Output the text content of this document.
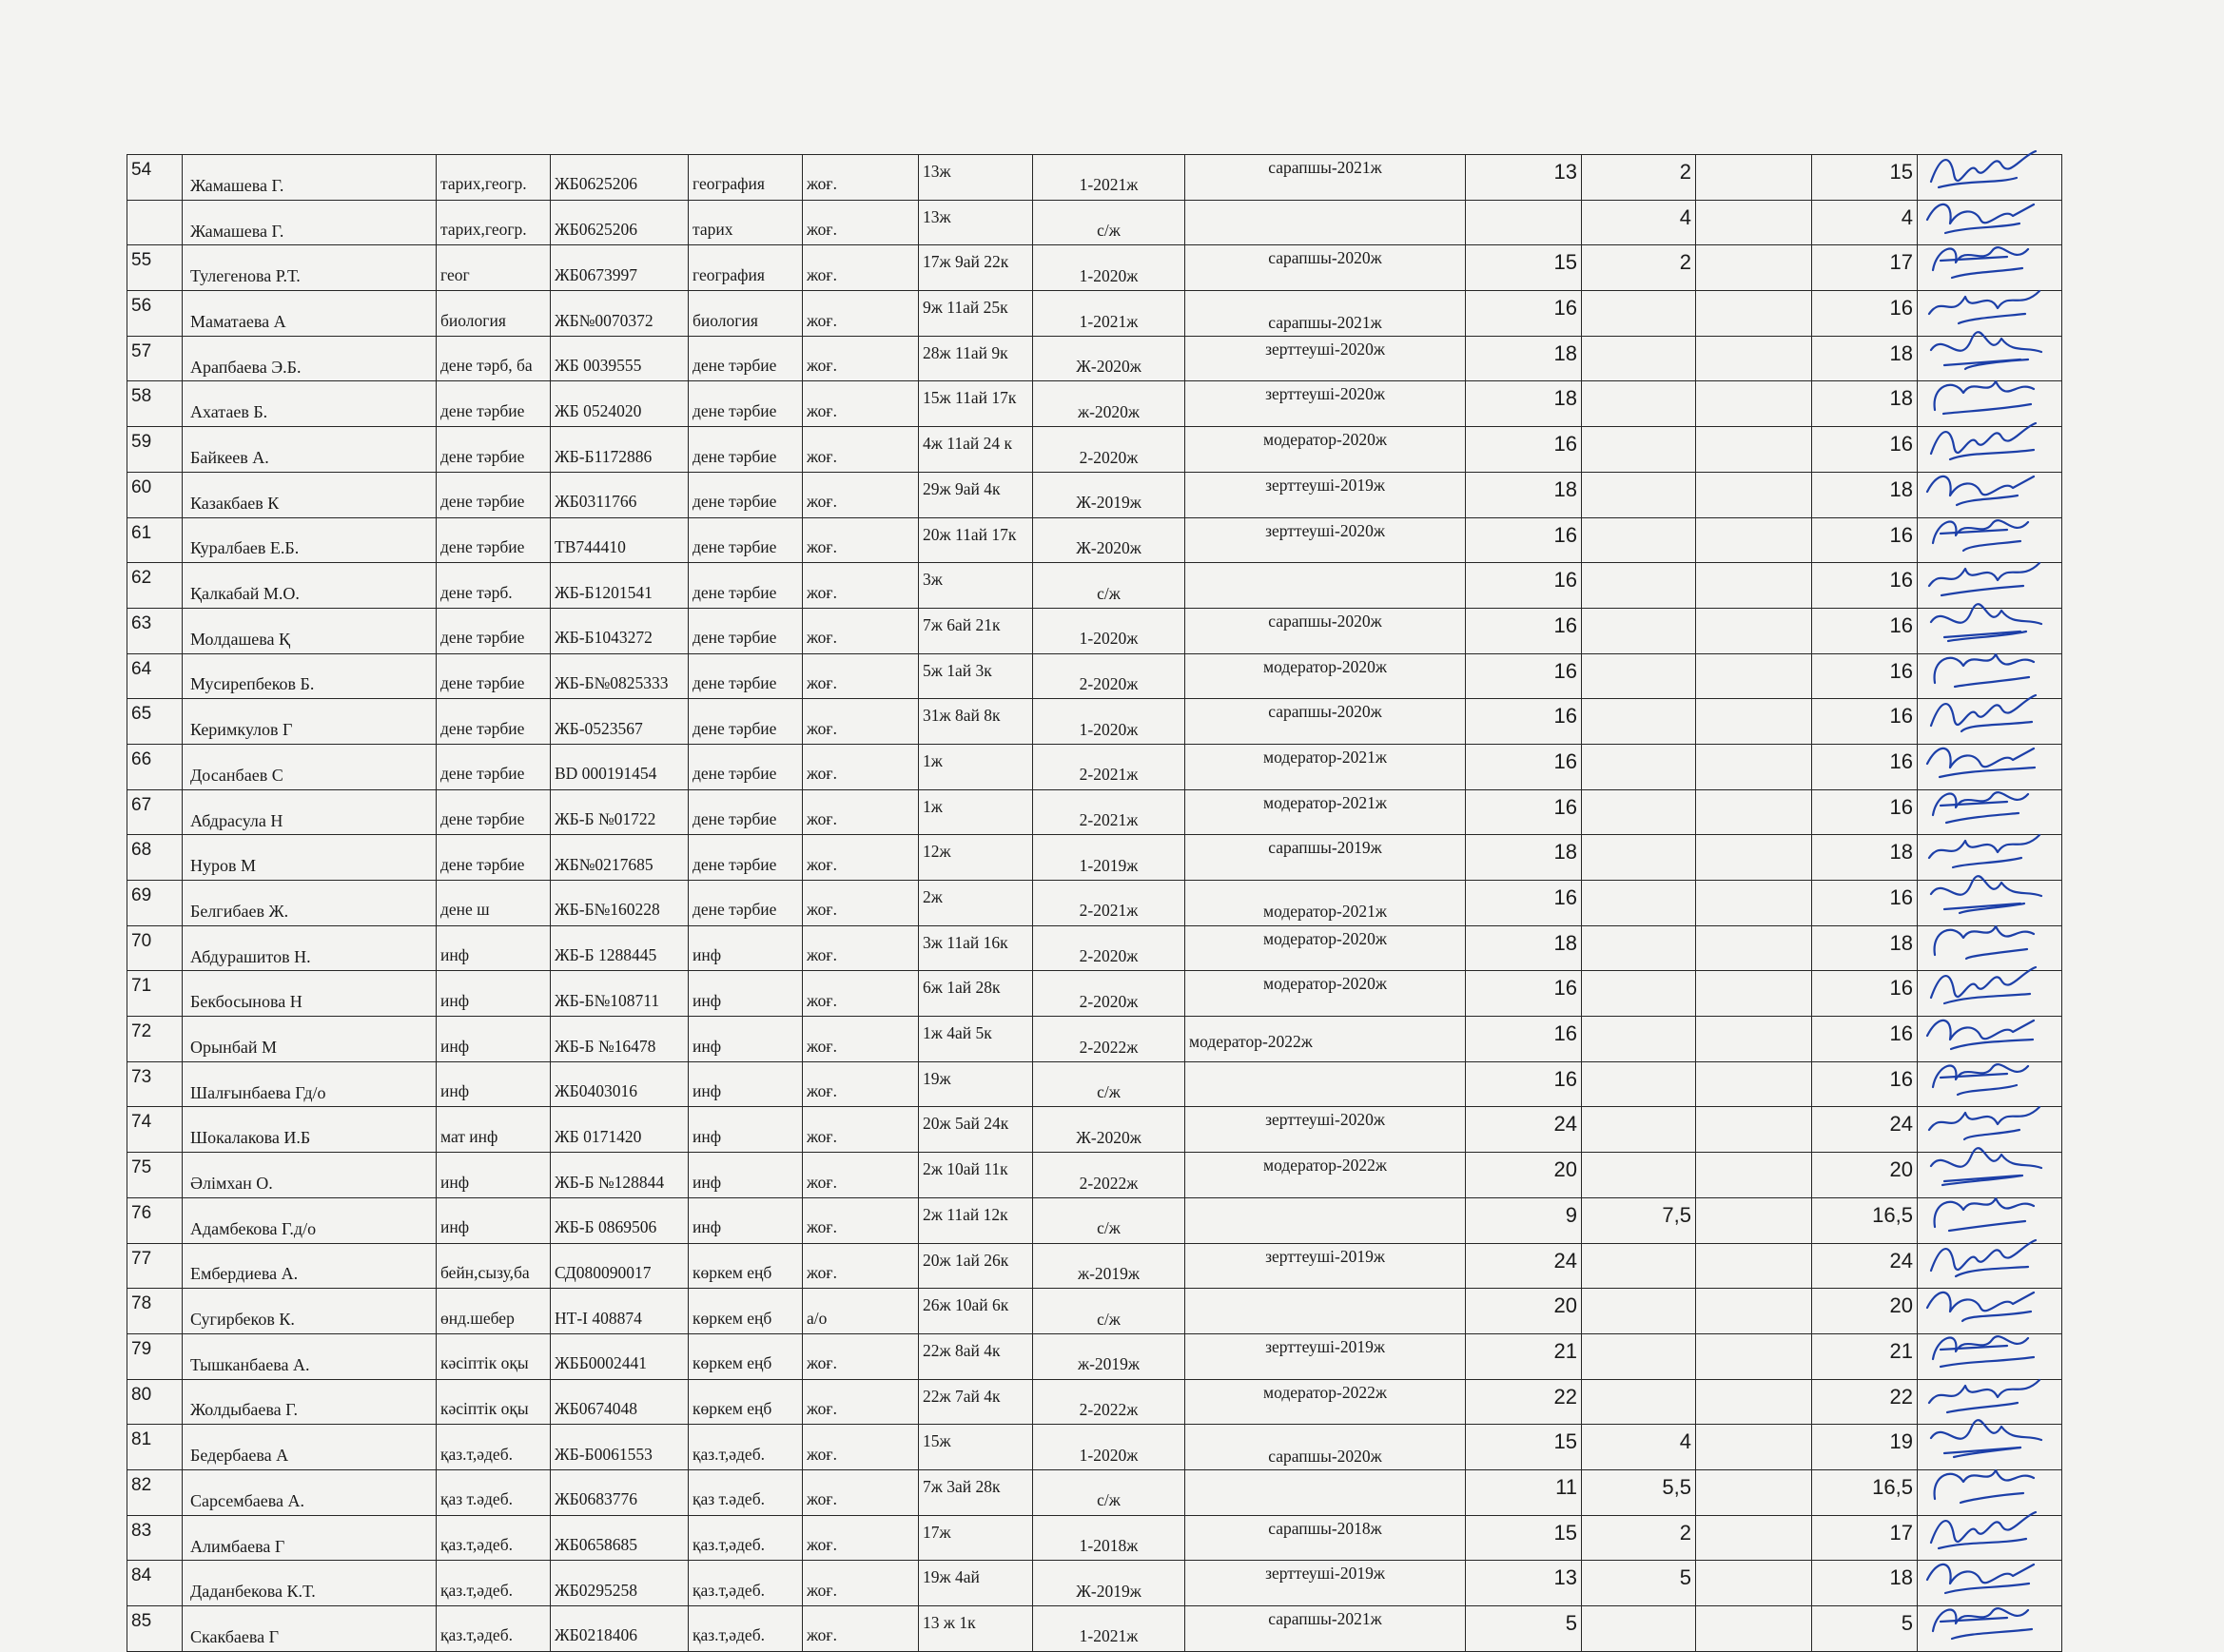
54	Жамашева Г.	тарих,геогр.	ЖБ0625206	география	жоғ.	13ж	1-2021ж	сарапшы-2021ж	13	2		15	

	Жамашева Г.	тарих,геогр.	ЖБ0625206	тарих	жоғ.	13ж	с/ж			4		4	

55	Тулегенова Р.Т.	геог	ЖБ0673997	география	жоғ.	17ж 9ай 22к	1-2020ж	сарапшы-2020ж	15	2		17	

56	Маматаева А	биология	ЖБ№0070372	биология	жоғ.	9ж 11ай 25к	1-2021ж	сарапшы-2021ж	16			16	

57	Арапбаева Э.Б.	дене тәрб, ба	ЖБ 0039555	дене тәрбие	жоғ.	28ж 11ай 9к	Ж-2020ж	зерттеуші-2020ж	18			18	

58	Ахатаев Б.	дене тәрбие	ЖБ 0524020	дене тәрбие	жоғ.	15ж 11ай 17к	ж-2020ж	зерттеуші-2020ж	18			18	

59	Байкеев А.	дене тәрбие	ЖБ-Б1172886	дене тәрбие	жоғ.	4ж 11ай 24 к	2-2020ж	модератор-2020ж	16			16	

60	Казакбаев К	дене тәрбие	ЖБ0311766	дене тәрбие	жоғ.	29ж 9ай 4к	Ж-2019ж	зерттеуші-2019ж	18			18	

61	Куралбаев Е.Б.	дене тәрбие	ТВ744410	дене тәрбие	жоғ.	20ж 11ай 17к	Ж-2020ж	зерттеуші-2020ж	16			16	

62	Қалкабай М.О.	дене тәрб.	ЖБ-Б1201541	дене тәрбие	жоғ.	3ж	с/ж		16			16	

63	Молдашева Қ	дене тәрбие	ЖБ-Б1043272	дене тәрбие	жоғ.	7ж 6ай 21к	1-2020ж	сарапшы-2020ж	16			16	

64	Мусирепбеков Б.	дене тәрбие	ЖБ-Б№0825333	дене тәрбие	жоғ.	5ж 1ай 3к	2-2020ж	модератор-2020ж	16			16	

65	Керимкулов Г	дене тәрбие	ЖБ-0523567	дене тәрбие	жоғ.	31ж 8ай 8к	1-2020ж	сарапшы-2020ж	16			16	

66	Досанбаев С	дене тәрбие	BD 000191454	дене тәрбие	жоғ.	1ж	2-2021ж	модератор-2021ж	16			16	

67	Абдрасула Н	дене тәрбие	ЖБ-Б №01722	дене тәрбие	жоғ.	1ж	2-2021ж	модератор-2021ж	16			16	

68	Нуров М	дене тәрбие	ЖБ№0217685	дене тәрбие	жоғ.	12ж	1-2019ж	сарапшы-2019ж	18			18	

69	Белгибаев Ж.	дене ш	ЖБ-Б№160228	дене тәрбие	жоғ.	2ж	2-2021ж	модератор-2021ж	16			16	

70	Абдурашитов Н.	инф	ЖБ-Б 1288445	инф	жоғ.	3ж 11ай 16к	2-2020ж	модератор-2020ж	18			18	

71	Бекбосынова Н	инф	ЖБ-Б№108711	инф	жоғ.	6ж 1ай 28к	2-2020ж	модератор-2020ж	16			16	

72	Орынбай М	инф	ЖБ-Б №16478	инф	жоғ.	1ж 4ай 5к	2-2022ж	модератор-2022ж	16			16	

73	Шалғынбаева Гд/о	инф	ЖБ0403016	инф	жоғ.	19ж	с/ж		16			16	

74	Шокалакова И.Б	мат инф	ЖБ 0171420	инф	жоғ.	20ж 5ай 24к	Ж-2020ж	зерттеуші-2020ж	24			24	

75	Әлімхан О.	инф	ЖБ-Б №128844	инф	жоғ.	2ж 10ай 11к	2-2022ж	модератор-2022ж	20			20	

76	Адамбекова Г.д/о	инф	ЖБ-Б 0869506	инф	жоғ.	2ж 11ай 12к	с/ж		9	7,5		16,5	

77	Ембердиева А.	бейн,сызу,ба	СД080090017	көркем еңб	жоғ.	20ж 1ай 26к	ж-2019ж	зерттеуші-2019ж	24			24	

78	Сугирбеков К.	өнд.шебер	НТ-I 408874	көркем еңб	а/о	26ж 10ай 6к	с/ж		20			20	

79	Тышканбаева А.	кәсіптік оқы	ЖББ0002441	көркем еңб	жоғ.	22ж 8ай 4к	ж-2019ж	зерттеуші-2019ж	21			21	

80	Жолдыбаева Г.	кәсіптік оқы	ЖБ0674048	көркем еңб	жоғ.	22ж 7ай 4к	2-2022ж	модератор-2022ж	22			22	

81	Бедербаева А	қаз.т,әдеб.	ЖБ-Б0061553	қаз.т,әдеб.	жоғ.	15ж	1-2020ж	сарапшы-2020ж	15	4		19	

82	Сарсембаева А.	қаз т.әдеб.	ЖБ0683776	қаз т.әдеб.	жоғ.	7ж 3ай 28к	с/ж		11	5,5		16,5	

83	Алимбаева Г	қаз.т,әдеб.	ЖБ0658685	қаз.т,әдеб.	жоғ.	17ж	1-2018ж	сарапшы-2018ж	15	2		17	

84	Даданбекова К.Т.	қаз.т,әдеб.	ЖБ0295258	қаз.т,әдеб.	жоғ.	19ж 4ай	Ж-2019ж	зерттеуші-2019ж	13	5		18	

85	Скакбаева Г	қаз.т,әдеб.	ЖБ0218406	қаз.т,әдеб.	жоғ.	13 ж 1к	1-2021ж	сарапшы-2021ж	5			5	
